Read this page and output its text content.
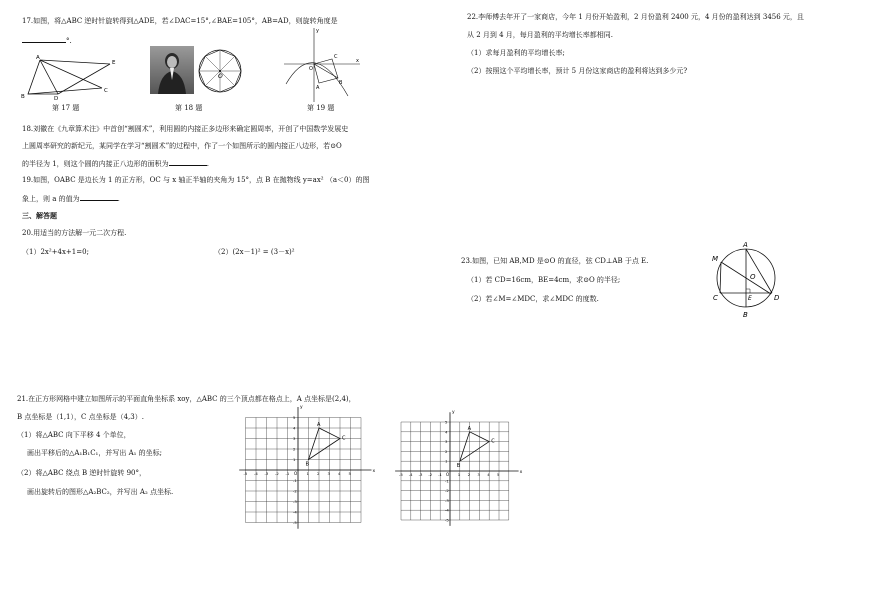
17.如图，将△ABC 逆时针旋转得到△ADE，若∠DAC=15°,∠BAE=105°，AB=AD，则旋转角度是
°.
A
B
C
D
E
第 17 题
O
第 18 题
y
x
O
A
B
C
第 19 题
18.刘徽在《九章算术注》中首创“割圆术”，利用圆的内接正多边形来确定圆周率，开创了中国数学发展史
上圆周率研究的新纪元，某同学在学习“割圆术”的过程中，作了一个如图所示的圆内接正八边形，若⊙O
的半径为 1，则这个圆的内接正八边形的面积为	.
19.如图，OABC 是边长为 1 的正方形，OC 与 x 轴正半轴的夹角为 15°，点 B 在抛物线 y=ax² （a＜0）的图
象上，则 a 的值为	.
三、解答题
20.用适当的方法解一元二次方程.
（1）2x²+4x+1=0;	（2）(2x－1)² = (3－x)²
21.在正方形网格中建立如图所示的平面直角坐标系 xoy，△ABC 的三个顶点都在格点上，A 点坐标是(2,4)，
B 点坐标是（1,1），C 点坐标是（4,3）.
（1）将△ABC 向下平移 4 个单位，
画出平移后的△A₁B₁C₁，并写出 A₁ 的坐标;
（2）将△ABC 绕点 B 逆时针旋转 90°，
画出旋转后的图形△A₂BC₂，并写出 A₂ 点坐标.
x
y
O
-5
-5
-4
-4
-3
-3
-2
-2
-1
-1
1
1
2
2
3
3
4
4
5
5
A
B
C
x
y
O
-5
-5
-4
-4
-3
-3
-2
-2
-1
-1
1
1
2
2
3
3
4
4
5
5
A
B
C
22.李师傅去年开了一家商店，今年 1 月份开始盈利，2 月份盈利 2400 元，4 月份的盈利达到 3456 元，且
从 2 月到 4 月，每月盈利的平均增长率都相同.
（1）求每月盈利的平均增长率;
（2）按照这个平均增长率，预计 5 月份这家商店的盈利将达到多少元?
23.如图，已知 AB,MD 是⊙O 的直径，弦 CD⊥AB 于点 E.
（1）若 CD=16cm，BE=4cm，求⊙O 的半径;
（2）若∠M=∠MDC，求∠MDC 的度数.
A
M
O
C	E	D
B
